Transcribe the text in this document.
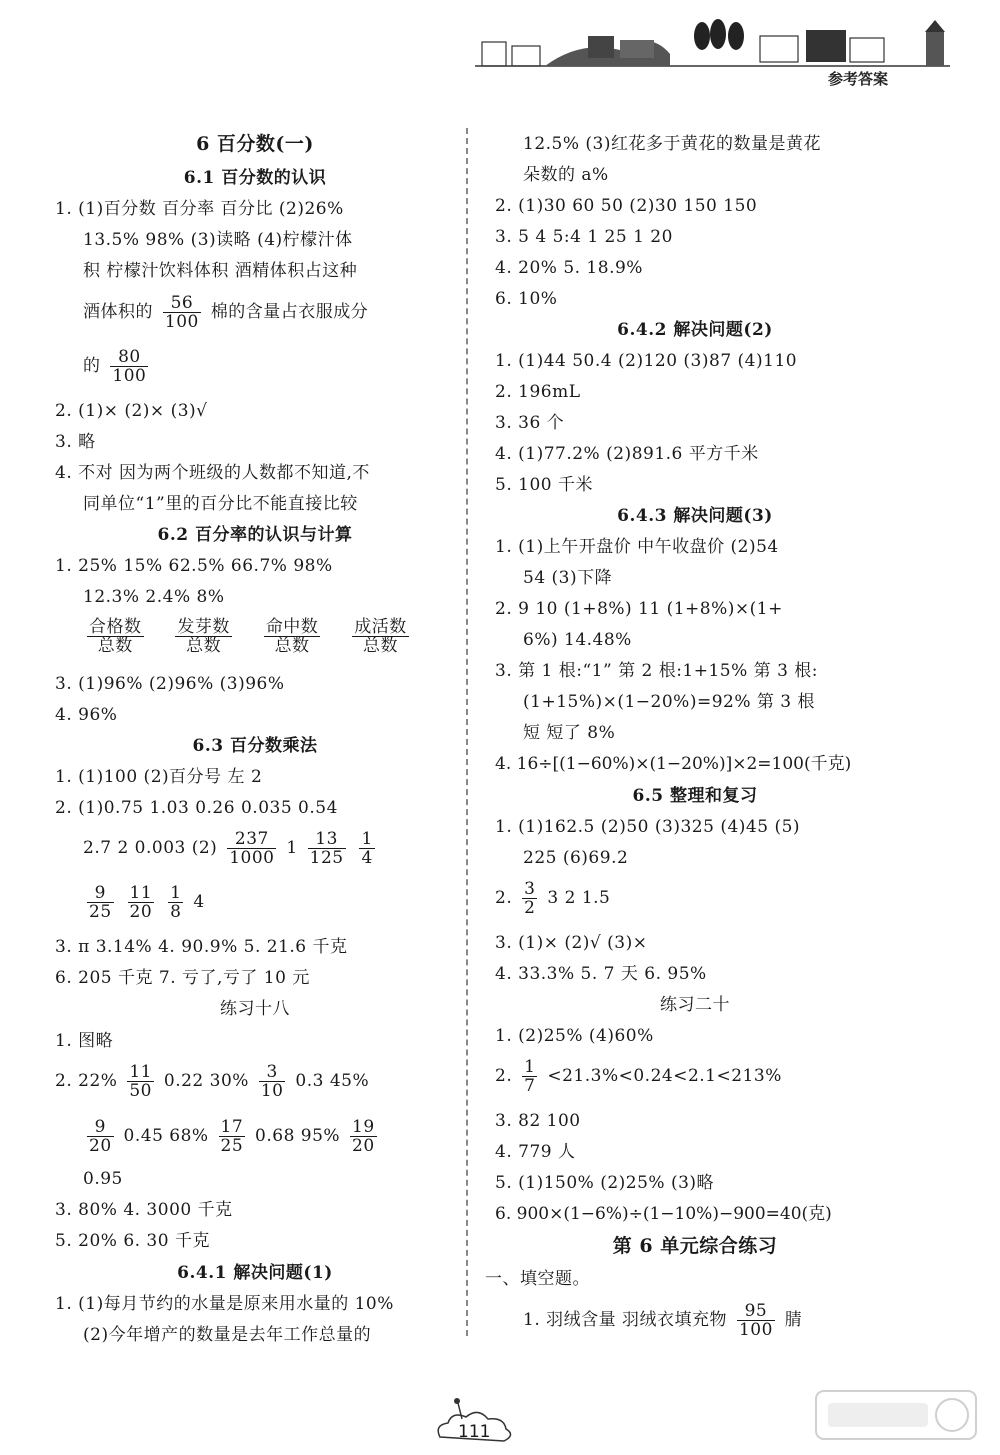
参考答案
6 百分数(一)
6.1 百分数的认识
1. (1)百分数 百分率 百分比 (2)26%
13.5% 98% (3)读略 (4)柠檬汁体
积 柠檬汁饮料体积 酒精体积占这种
酒体积的 $\frac{56}{100}$ 棉的含量占衣服成分
的 $\frac{80}{100}$
2. (1)× (2)× (3)√
3. 略
4. 不对 因为两个班级的人数都不知道,不
同单位“1”里的百分比不能直接比较
6.2 百分率的认识与计算
1. 25% 15% 62.5% 66.7% 98%
12.3% 2.4% 8%
合格数
总数

发芽数
总数

命中数
总数

成活数
总数
3. (1)96% (2)96% (3)96%
4. 96%
6.3 百分数乘法
1. (1)100 (2)百分号 左 2
2. (1)0.75 1.03 0.26 0.035 0.54
2.7 2 0.003 $(2) \frac{237}{1000} 1 \frac{13}{125}$
$\frac{1}{4}$
$\frac{9}{25}$
$\frac{11}{20}$
$\frac{1}{8} 4$
3. π 3.14% 4. 90.9% 5. 21.6 千克
6. 205 千克 7. 亏了,亏了 10 元
练习十八
1. 图略
2. $22\% \frac{11}{50} 0.22$ $30\% \frac{3}{10} 0.3$ 45%
$\frac{9}{20} 0.45$ $68\% \frac{17}{25} 0.68$ $95\% \frac{19}{20}$
0.95
3. 80% 4. 3000 千克
5. 20% 6. 30 千克
6.4.1 解决问题(1)
1. (1)每月节约的水量是原来用水量的 10%
(2)今年增产的数量是去年工作总量的
12.5% (3)红花多于黄花的数量是黄花
朵数的 a%
2. (1)30 60 50 (2)30 150 150
3. 5 4 5:4 1 25 1 20
4. 20% 5. 18.9%
6. 10%
6.4.2 解决问题(2)
1. (1)44 50.4 (2)120 (3)87 (4)110
2. 196mL
3. 36 个
4. (1)77.2% (2)891.6 平方千米
5. 100 千米
6.4.3 解决问题(3)
1. (1)上午开盘价 中午收盘价 (2)54
54 (3)下降
2. 9 10 (1+8%) 11 (1+8%)×(1+
6%) 14.48%
3. 第 1 根:“1” 第 2 根:1+15% 第 3 根:
(1+15%)×(1−20%)=92% 第 3 根
短 短了 8%
4. 16÷[(1−60%)×(1−20%)]×2=100(千克)
6.5 整理和复习
1. (1)162.5 (2)50 (3)325 (4)45 (5)
225 (6)69.2
2. $\frac{3}{2} 3$ 2 1.5
3. (1)× (2)√ (3)×
4. 33.3% 5. 7 天 6. 95%
练习二十
1. (2)25% (4)60%
2. $\frac{1}{7} <21.3\%<0.24<2.1<213\%$
3. 82 100
4. 779 人
5. (1)150% (2)25% (3)略
6. 900×(1−6%)÷(1−10%)−900=40(克)
第 6 单元综合练习
一、填空题。
1. 羽绒含量 羽绒衣填充物 $\frac{95}{100}$ 腈
111
